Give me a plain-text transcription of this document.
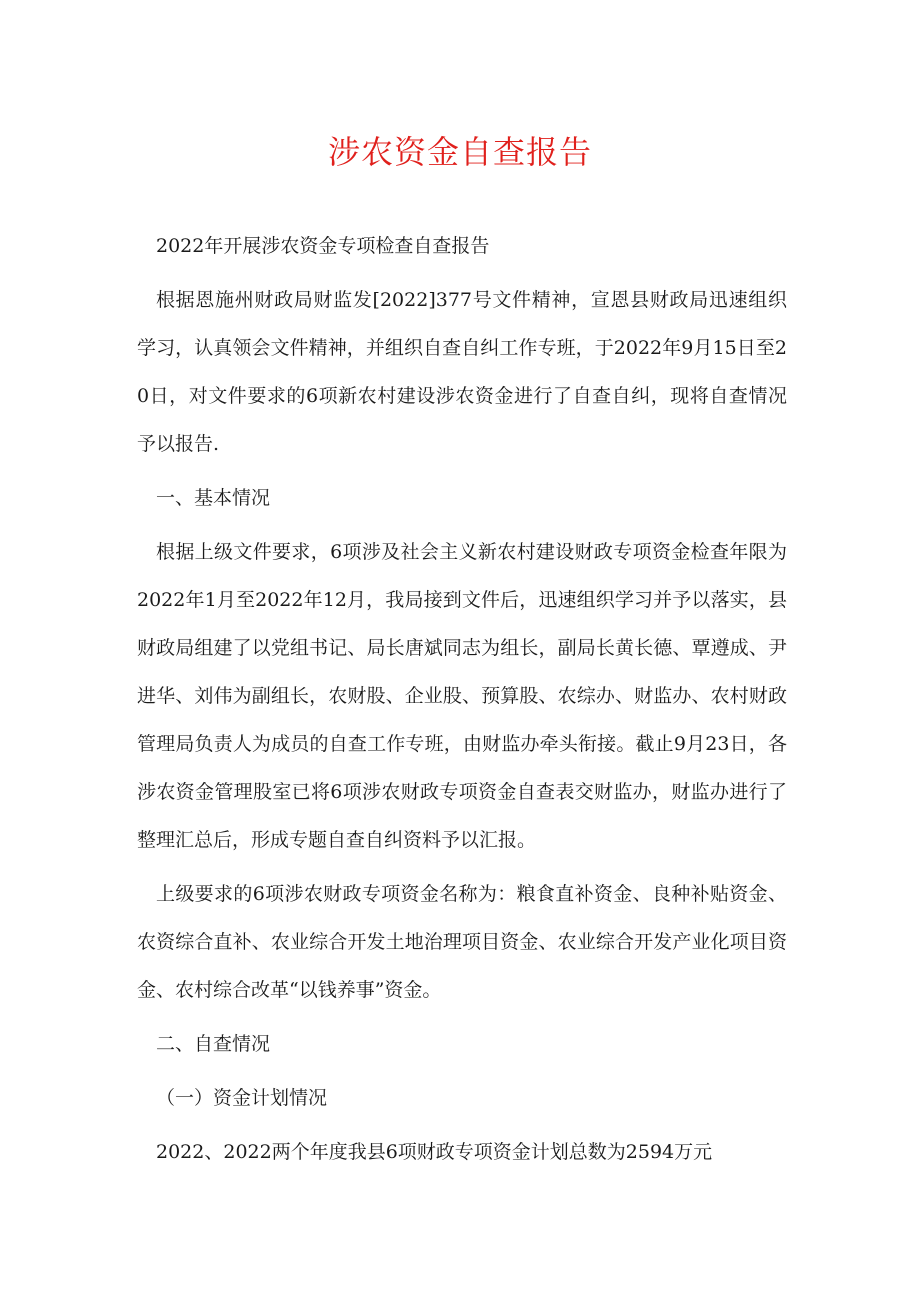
涉农资金自查报告

2022年开展涉农资金专项检查自查报告

根据恩施州财政局财监发[2022]377号文件精神，宣恩县财政局迅速组织学习，认真领会文件精神，并组织自查自纠工作专班，于2022年9月15日至20日，对文件要求的6项新农村建设涉农资金进行了自查自纠，现将自查情况予以报告.

一、基本情况

根据上级文件要求，6项涉及社会主义新农村建设财政专项资金检查年限为2022年1月至2022年12月，我局接到文件后，迅速组织学习并予以落实，县财政局组建了以党组书记、局长唐斌同志为组长，副局长黄长德、覃遵成、尹进华、刘伟为副组长，农财股、企业股、预算股、农综办、财监办、农村财政管理局负责人为成员的自查工作专班，由财监办牵头衔接。截止9月23日，各涉农资金管理股室已将6项涉农财政专项资金自查表交财监办，财监办进行了整理汇总后，形成专题自查自纠资料予以汇报。

上级要求的6项涉农财政专项资金名称为：粮食直补资金、良种补贴资金、农资综合直补、农业综合开发土地治理项目资金、农业综合开发产业化项目资金、农村综合改革“以钱养事”资金。

二、自查情况

（一）资金计划情况

2022、2022两个年度我县6项财政专项资金计划总数为2594万元
